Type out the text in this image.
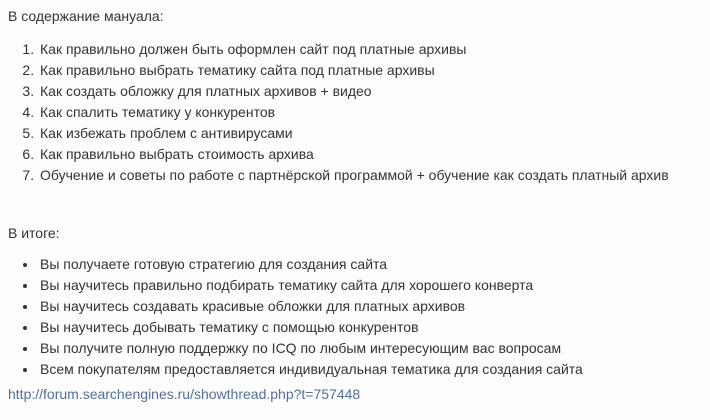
В содержание мануала:

1. Как правильно должен быть оформлен сайт под платные архивы
2. Как правильно выбрать тематику сайта под платные архивы
3. Как создать обложку для платных архивов + видео
4. Как спалить тематику у конкурентов
5. Как избежать проблем с антивирусами
6. Как правильно выбрать стоимость архива
7. Обучение и советы по работе с партнёрской программой + обучение как создать платный архив

В итоге:

• Вы получаете готовую стратегию для создания сайта
• Вы научитесь правильно подбирать тематику сайта для хорошего конверта
• Вы научитесь создавать красивые обложки для платных архивов
• Вы научитесь добывать тематику с помощью конкурентов
• Вы получите полную поддержку по ICQ по любым интересующим вас вопросам
• Всем покупателям предоставляется индивидуальная тематика для создания сайта

http://forum.searchengines.ru/showthread.php?t=757448
